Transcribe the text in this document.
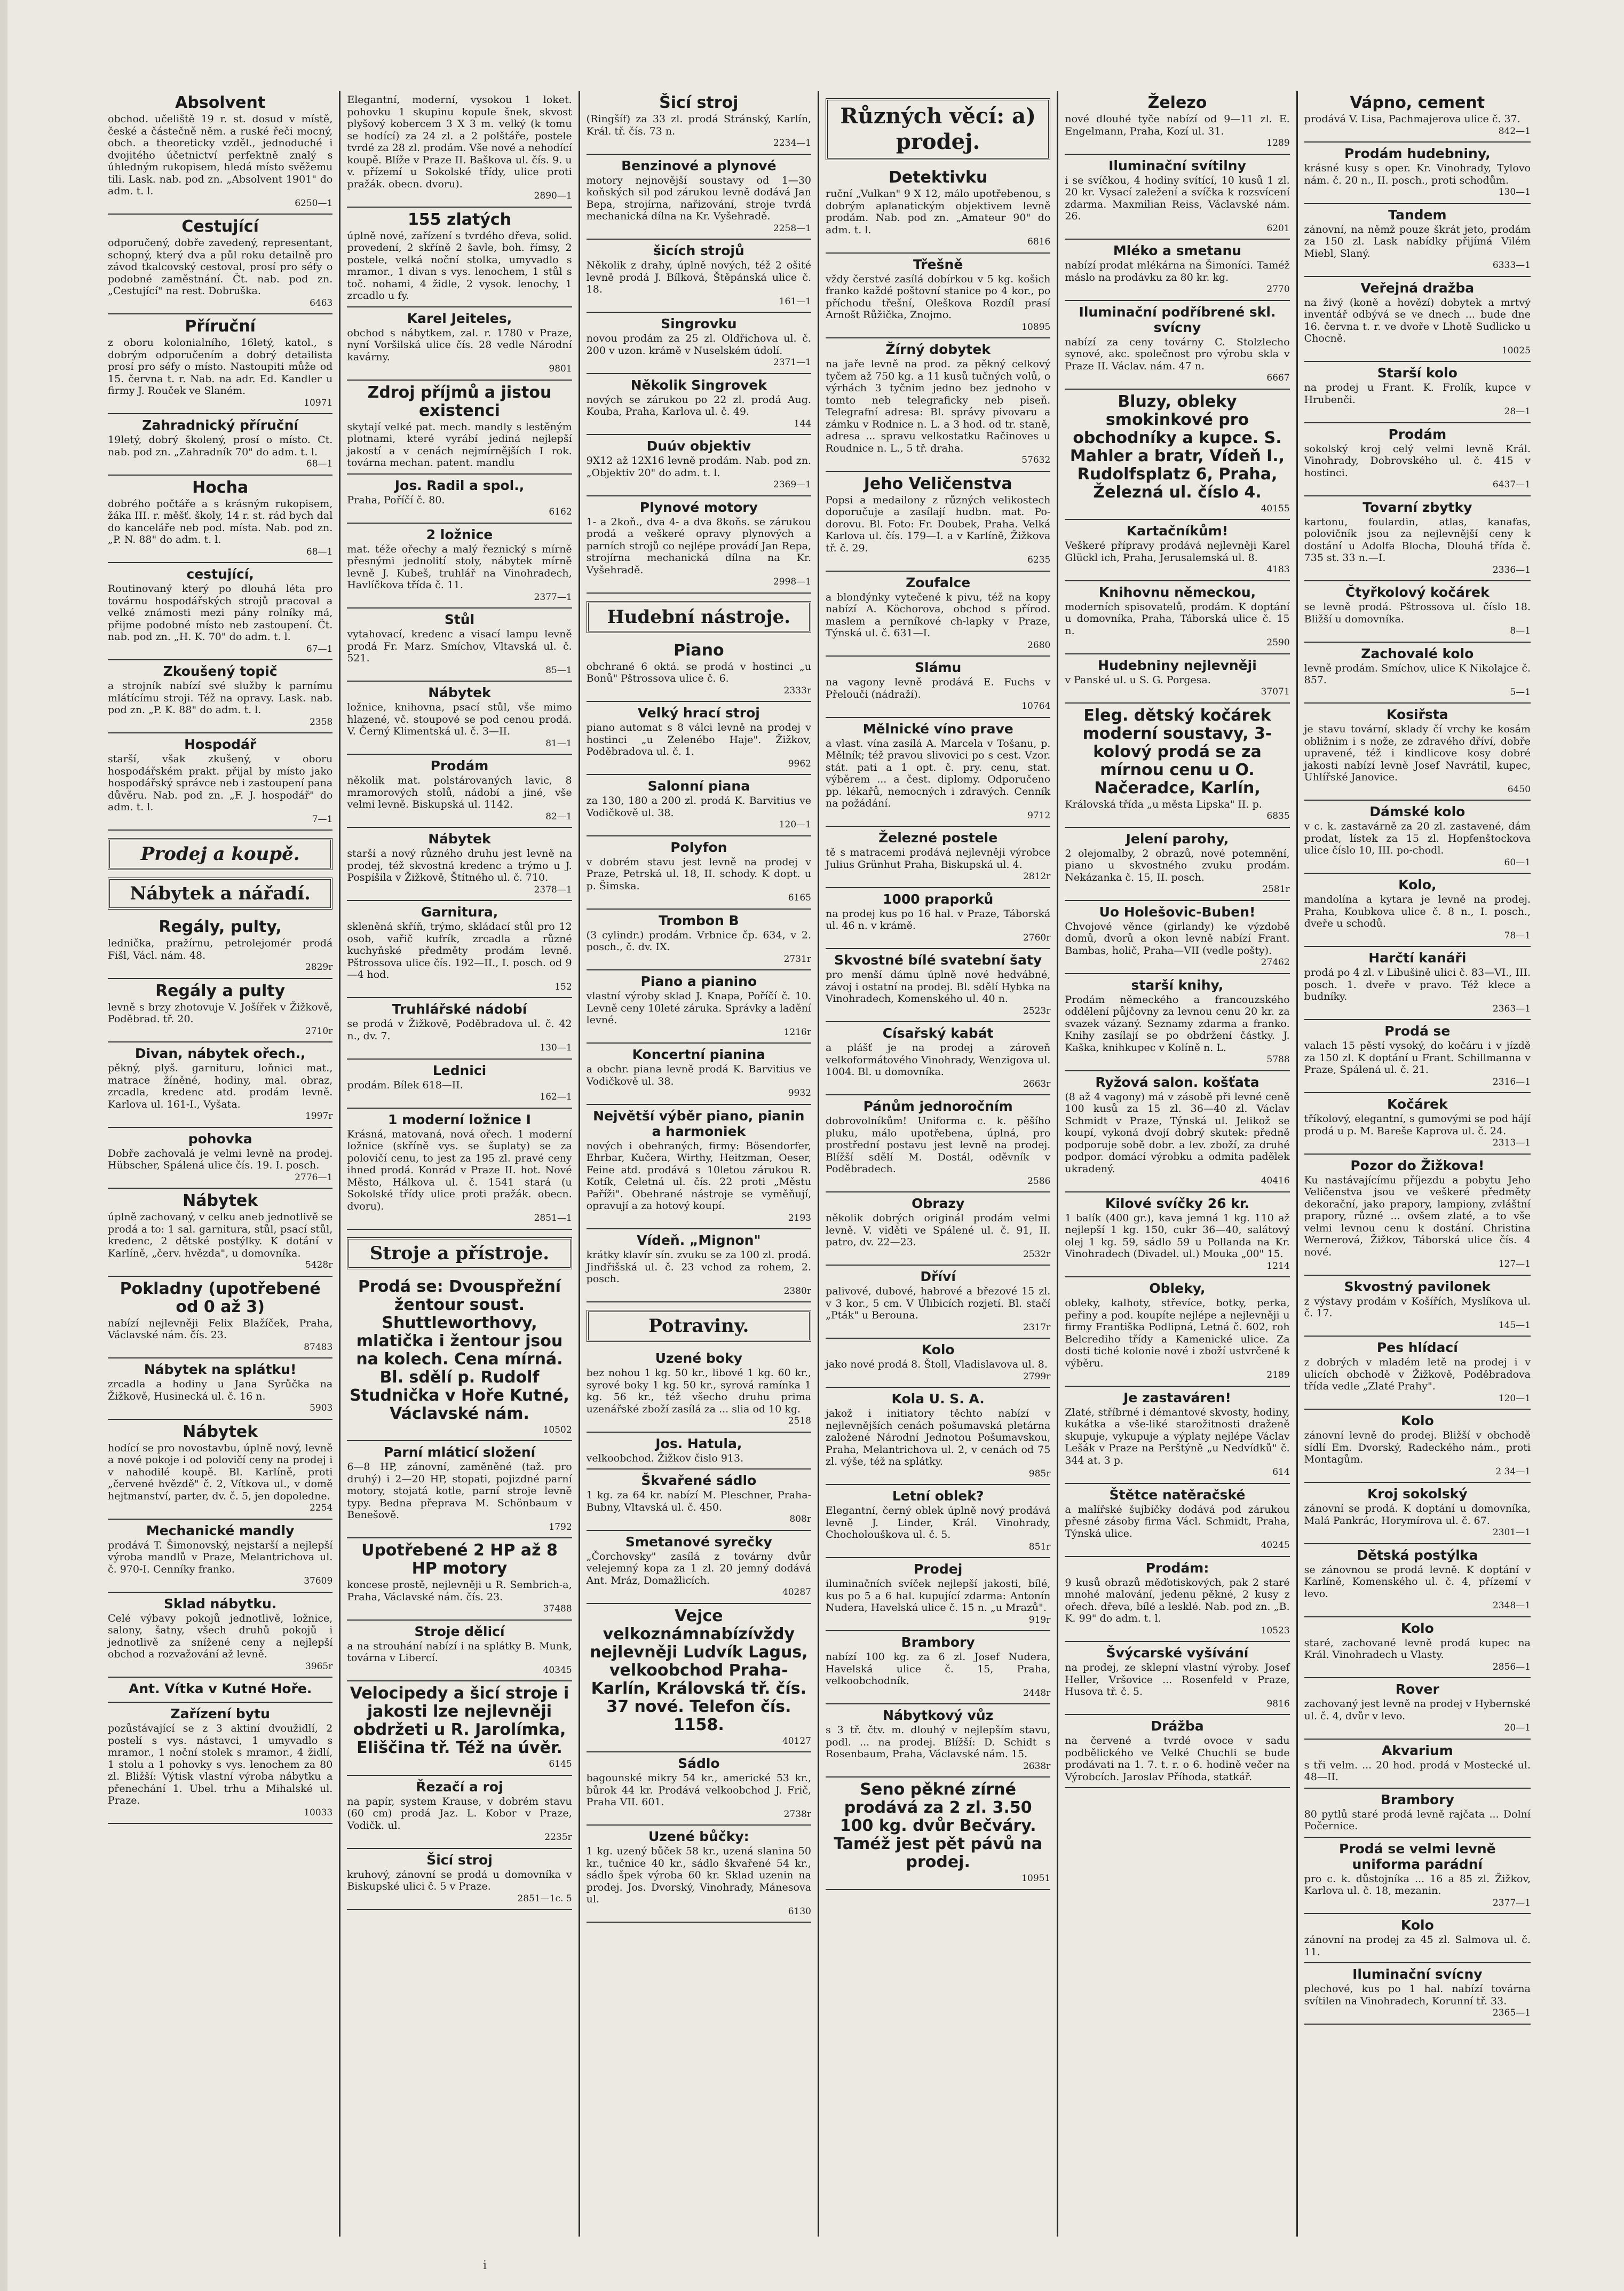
Absolvent
obchod. učeliště 19 r. st. dosud v místě, české a částečně něm. a ruské řeči mocný, obch. a theoreticky vzděl., jednoduché i dvojitého účetnictví perfektně znalý s úhledným rukopisem, hledá místo svěžemu tili. Lask. nab. pod zn. „Absolvent 1901" do adm. t. l.
6250—1
Cestující
odporučený, dobře zavedený, representant, schopný, který dva a půl roku detailně pro závod tkalcovský cestoval, prosí pro séfy o podobné zaměstnání. Čt. nab. pod zn. „Cestující" na rest. Dobruška.
6463
Příruční
z oboru kolonialního, 16letý, katol., s dobrým odporučením a dobrý detailista prosí pro séfy o místo. Nastoupiti může od 15. června t. r. Nab. na adr. Ed. Kandler u firmy J. Rouček ve Slaném.
10971
Zahradnický příruční
19letý, dobrý školený, prosí o místo. Ct. nab. pod zn. „Zahradník 70" do adm. t. l.
68—1
Hocha
dobrého počtáře a s krásným rukopisem, žáka III. r. měšť. školy, 14 r. st. rád bych dal do kanceláře neb pod. místa. Nab. pod zn. „P. N. 88" do adm. t. l.
68—1
cestující,
Routinovaný který po dlouhá léta pro továrnu hospodářských strojů pracoval a velké známosti mezi pány rolníky má, přijme podobné místo neb zastoupení. Čt. nab. pod zn. „H. K. 70" do adm. t. l.
67—1
Zkoušený topič
a strojník nabízí své služby k parnímu mlátícímu stroji. Též na opravy. Lask. nab. pod zn. „P. K. 88" do adm. t. l.
2358
Hospodář
starší, však zkušený, v oboru hospodářském prakt. přijal by místo jako hospodářský správce neb i zastoupení pana důvěru. Nab. pod zn. „F. J. hospodář" do adm. t. l.
7—1
Prodej a koupě.
Nábytek a nářadí.
Regály, pulty,
lednička, pražírnu, petrolejomér prodá Fišl, Václ. nám. 48.
2829r
Regály a pulty
levně s brzy zhotovuje V. Jošířek v Žižkově, Poděbrad. tř. 20.
2710r
Divan, nábytek ořech.,
pěkný, plyš. garnituru, loňnici mat., matrace žíněné, hodiny, mal. obraz, zrcadla, kredenc atd. prodám levně. Karlova ul. 161-I., Vyšata.
1997r
pohovka
Dobře zachovalá je velmi levně na prodej. Hübscher, Spálená ulice čís. 19. I. posch.
2776—1
Nábytek
úplně zachovaný, v celku aneb jednotlivě se prodá a to: 1 sal. garnitura, stůl, psací stůl, kredenc, 2 dětské postýlky. K dotání v Karlíně, „červ. hvězda", u domovníka.
5428r
Pokladny (upotřebené od 0 až 3)
nabízí nejlevněji Felix Blažíček, Praha, Václavské nám. čís. 23.
87483
Nábytek na splátku!
zrcadla a hodiny u Jana Syrůčka na Žižkově, Husinecká ul. č. 16 n.
5903
Nábytek
hodící se pro novostavbu, úplně nový, levně a nové pokoje i od polovičí ceny na prodej i v nahodilé koupě. Bl. Karlíně, proti „červené hvězdě" č. 2, Vítkova ul., v domě hejtmanství, parter, dv. č. 5, jen dopoledne.
2254
Mechanické mandly
prodává T. Šimonovský, nejstarší a nejlepší výroba mandlů v Praze, Melantrichova ul. č. 970-I. Cenníky franko.
37609
Sklad nábytku.
Celé výbavy pokojů jednotlivě, ložnice, salony, šatny, všech druhů pokojů i jednotlivě za snížené ceny a nejlepší obchod a rozvažování až levně.
3965r
Ant. Vítka v Kutné Hoře.
Zařízení bytu
pozůstávající se z 3 aktiní dvoužidlí, 2 postelí s vys. nástavci, 1 umyvadlo s mramor., 1 noční stolek s mramor., 4 židlí, 1 stolu a 1 pohovky s vys. lenochem za 80 zl. Bližší: Výtisk vlastní výroba nábytku a přenechání 1. Ubel. trhu a Mihalské ul. Praze.
10033
Elegantní, moderní, vysokou 1 loket. pohovku 1 skupinu kopule šnek, skvost plyšový kobercem 3 X 3 m. velký (k tomu se hodící) za 24 zl. a 2 polštáře, postele tvrdé za 28 zl. prodám. Vše nové a nehodící koupě. Blíže v Praze II. Baškova ul. čís. 9. u v. přízemí u Sokolské třídy, ulice proti pražák. obecn. dvoru).
2890—1
155 zlatých
úplně nové, zařízení s tvrdého dřeva, solid. provedení, 2 skříně 2 šavle, boh. římsy, 2 postele, velká noční stolka, umyvadlo s mramor., 1 divan s vys. lenochem, 1 stůl s toč. nohami, 4 židle, 2 vysok. lenochy, 1 zrcadlo u fy.
Karel Jeiteles,
obchod s nábytkem, zal. r. 1780 v Praze, nyní Voršilská ulice čís. 28 vedle Národní kavárny.
9801
Zdroj příjmů a jistou existenci
skytají velké pat. mech. mandly s lestěným plotnami, které vyrábí jediná nejlepší jakostí a v cenách nejmírnějších I rok. továrna mechan. patent. mandlu
Jos. Radil a spol.,
Praha, Poříčí č. 80.
6162
2 ložnice
mat. téže ořechy a malý řeznický s mírně přesnými jednolití stoly, nábytek mírně levně J. Kubeš, truhlář na Vinohradech, Havlíčkova třída č. 11.
2377—1
Stůl
vytahovací, kredenc a visací lampu levně prodá Fr. Marz. Smíchov, Vltavská ul. č. 521.
85—1
Nábytek
ložnice, knihovna, psací stůl, vše mimo hlazené, vč. stoupové se pod cenou prodá. V. Černý Klimentská ul. č. 3—II.
81—1
Prodám
několik mat. polstárovaných lavic, 8 mramorových stolů, nádobí a jiné, vše velmi levně. Biskupská ul. 1142.
82—1
Nábytek
starší a nový různého druhu jest levně na prodej, též skvostná kredenc a trýmo u J. Pospíšila v Žižkově, Štítného ul. č. 710.
2378—1
Garnitura,
skleněná skříň, trýmo, skládací stůl pro 12 osob, vařič kufrík, zrcadla a různé kuchyňské předměty prodám levně. Pštrossova ulice čís. 192—II., I. posch. od 9—4 hod.
152
Truhlářské nádobí
se prodá v Žižkově, Poděbradova ul. č. 42 n., dv. 7.
130—1
Lednici
prodám. Bílek 618—II.
162—1
1 moderní ložnice I
Krásná, matovaná, nová ořech. 1 moderní ložnice (skříně vys. se šuplaty) se za polovičí cenu, to jest za 195 zl. pravé ceny ihned prodá. Konrád v Praze II. hot. Nové Město, Hálkova ul. č. 1541 stará (u Sokolské třídy ulice proti pražák. obecn. dvoru).
2851—1
Stroje a přístroje.
Prodá se: Dvouspřežní žentour soust. Shuttleworthovy, mlatička i žentour jsou na kolech. Cena mírná. Bl. sdělí p. Rudolf Studnička v Hoře Kutné, Václavské nám.
10502
Parní mláticí složení
6—8 HP, zánovní, zaměněné (taž. pro druhý) i 2—20 HP, stopati, pojizdné parní motory, stojatá kotle, parní stroje levně typy. Bedna přeprava M. Schönbaum v Benešově.
1792
Upotřebené 2 HP až 8 HP motory
koncese prostě, nejlevněji u R. Sembrich-a, Praha, Václavské nám. čís. 23.
37488
Stroje dělicí
a na strouhání nabízí i na splátky B. Munk, továrna v Libercí.
40345
Velocipedy a šicí stroje i jakosti lze nejlevněji obdržeti u R. Jarolímka, Eliščina tř. Též na úvěr.
6145
Řezačí a roj
na papír, system Krause, v dobrém stavu (60 cm) prodá Jaz. L. Kobor v Praze, Vodičk. ul.
2235r
Šicí stroj
kruhový, zánovní se prodá u domovníka v Biskupské ulici č. 5 v Praze.
2851—1c. 5
Šicí stroj
(Ringšíf) za 33 zl. prodá Stránský, Karlín, Král. tř. čís. 73 n.
2234—1
Benzinové a plynové
motory nejnovější soustavy od 1—30 koňských sil pod zárukou levně dodává Jan Bepa, strojírna, nařizování, stroje tvrdá mechanická dílna na Kr. Vyšehradě.
2258—1
šicích strojů
Několik z drahy, úplně nových, též 2 ošité levně prodá J. Bílková, Štěpánská ulice č. 18.
161—1
Singrovku
novou prodám za 25 zl. Oldřichova ul. č. 200 v uzon. krámě v Nuselském údolí.
2371—1
Několik Singrovek
nových se zárukou po 22 zl. prodá Aug. Kouba, Praha, Karlova ul. č. 49.
144
Duúv objektiv
9X12 až 12X16 levně prodám. Nab. pod zn. „Objektiv 20" do adm. t. l.
2369—1
Plynové motory
1- a 2koň., dva 4- a dva 8koňs. se zárukou prodá a veškeré opravy plynových a parních strojů co nejlépe provádí Jan Repa, strojírna mechanická dílna na Kr. Vyšehradě.
2998—1
Hudební nástroje.
Piano
obchrané 6 oktá. se prodá v hostinci „u Bonů" Pštrossova ulice č. 6.
2333r
Velký hrací stroj
piano automat s 8 válci levně na prodej v hostinci „u Zelenébo Haje". Žižkov, Poděbradova ul. č. 1.
9962
Salonní piana
za 130, 180 a 200 zl. prodá K. Barvitius ve Vodičkově ul. 38.
120—1
Polyfon
v dobrém stavu jest levně na prodej v Praze, Petrská ul. 18, II. schody. K dopt. u p. Šimska.
6165
Trombon B
(3 cylindr.) prodám. Vrbnice čp. 634, v 2. posch., č. dv. IX.
2731r
Piano a pianino
vlastní výroby sklad J. Knapa, Poříčí č. 10. Levně ceny 10leté záruka. Správky a ladění levné.
1216r
Koncertní pianina
a obchr. piana levně prodá K. Barvitius ve Vodičkově ul. 38.
9932
Největší výběr piano, pianin a harmoniek
nových i obehraných, firmy: Bösendorfer, Ehrbar, Kučera, Wirthy, Heitzman, Oeser, Feine atd. prodává s 10letou zárukou R. Kotík, Celetná ul. čís. 22 proti „Městu Paříži". Obehrané nástroje se vyměňují, opravují a za hotový koupí.
2193
Vídeň. „Mignon"
krátky klavír sín. zvuku se za 100 zl. prodá. Jindřišská ul. č. 23 vchod za rohem, 2. posch.
2380r
Potraviny.
Uzené boky
bez nohou 1 kg. 50 kr., libové 1 kg. 60 kr., syrové boky 1 kg. 50 kr., syrová ramínka 1 kg. 56 kr., též všecho druhu prima uzenářské zboží zasílá za ... slia od 10 kg.
2518
Jos. Hatula,
velkoobchod. Žižkov čislo 913.
Škvařené sádlo
1 kg. za 64 kr. nabízí M. Pleschner, Praha-Bubny, Vltavská ul. č. 450.
808r
Smetanové syrečky
„Čorchovsky" zasílá z továrny dvůr velejemný kopa za 1 zl. 20 jemný dodává Ant. Mráz, Domažlicích.
40287
Vejce velkoznámnabízívždy nejlevněji Ludvík Lagus, velkoobchod Praha-Karlín, Královská tř. čís. 37 nové. Telefon čís. 1158.
40127
Sádlo
bagounské mikry 54 kr., americké 53 kr., bůrok 44 kr. Prodává velkoobchod J. Frič, Praha VII. 601.
2738r
Uzené bůčky:
1 kg. uzený bůček 58 kr., uzená slanina 50 kr., tučnice 40 kr., sádlo škvařené 54 kr., sádlo špek výroba 60 kr. Sklad uzenin na prodej. Jos. Dvorský, Vinohrady, Mánesova ul.
6130
Různých věcí: a) prodej.
Detektivku
ruční „Vulkan" 9 X 12, málo upotřebenou, s dobrým aplanatickým objektivem levně prodám. Nab. pod zn. „Amateur 90" do adm. t. l.
6816
Třešně
vždy čerstvé zasílá dobírkou v 5 kg. košich franko každé poštovní stanice po 4 kor., po příchodu třešní, Oleškova Rozdíl prasí Arnošt Růžička, Znojmo.
10895
Žírný dobytek
na jaře levně na prod. za pěkný celkový tyčem až 750 kg. a 11 kusů tučných volů, o výrhách 3 tyčnim jedno bez jednoho v tomto neb telegraficky neb piseň. Telegrafní adresa: Bl. správy pivovaru a zámku v Rodnice n. L. a 3 hod. od tr. staně, adresa ... spravu velkostatku Račinoves u Roudnice n. L., 5 tř. draha.
57632
Jeho Veličenstva
Popsi a medailony z různých velikostech doporučuje a zasílají hudbn. mat. Po-dorovu. Bl. Foto: Fr. Doubek, Praha. Velká Karlova ul. čís. 179—I. a v Karlíně, Žižkova tř. č. 29.
6235
Zoufalce
a blondýnky vytečené k pivu, též na kopy nabízí A. Köchorova, obchod s přírod. maslem a perníkové ch-lapky v Praze, Týnská ul. č. 631—I.
2680
Slámu
na vagony levně prodává E. Fuchs v Přelouči (nádraží).
10764
Mělnické víno prave
a vlast. vína zasílá A. Marcela v Tošanu, p. Mělník; též pravou slivovici po s cest. Vzor. stát. pati a 1 opt. č. pry. cenu, stat. výběrem ... a čest. diplomy. Odporučeno pp. lékařů, nemocných i zdravých. Cenník na požádání.
9712
Železné postele
tě s matracemi prodává nejlevněji výrobce Julius Grünhut Praha, Biskupská ul. 4.
2812r
1000 praporků
na prodej kus po 16 hal. v Praze, Táborská ul. 46 n. v krámě.
2760r
Skvostné bílé svatební šaty
pro menší dámu úplně nové hedvábné, závoj i ostatní na prodej. Bl. sdělí Hybka na Vinohradech, Komenského ul. 40 n.
2523r
Císařský kabát
a plášť je na prodej a zároveň velkoformátového Vinohrady, Wenzigova ul. 1004. Bl. u domovníka.
2663r
Pánům jednoročním
dobrovolníkům! Uniforma c. k. pěšího pluku, málo upotřebena, úplná, pro prostřední postavu jest levně na prodej. Blížší sdělí M. Dostál, oděvník v Poděbradech.
2586
Obrazy
několik dobrých originál prodám velmi levně. V. viděti ve Spálené ul. č. 91, II. patro, dv. 22—23.
2532r
Dříví
palivové, dubové, habrové a březové 15 zl. v 3 kor., 5 cm. V Úlibicích rozjetí. Bl. stačí „Pták" u Berouna.
2317r
Kolo
jako nové prodá 8. Štoll, Vladislavova ul. 8.
2799r
Kola U. S. A.
jakož i initiatory těchto nabízí v nejlevnějších cenách pošumavská pletárna založené Národní Jednotou Pošumavskou, Praha, Melantrichova ul. 2, v cenách od 75 zl. výše, též na splátky.
985r
Letní oblek?
Elegantní, černý oblek úplně nový prodává levně J. Linder, Král. Vinohrady, Chocholouškova ul. č. 5.
851r
Prodej
iluminačních svíček nejlepší jakosti, bílé, kus po 5 a 6 hal. kupující zdarma: Antonín Nudera, Havelská ulice č. 15 n. „u Mrazů".
919r
Brambory
nabízí 100 kg. za 6 zl. Josef Nudera, Havelská ulice č. 15, Praha, velkoobchodník.
2448r
Nábytkový vůz
s 3 tř. čtv. m. dlouhý v nejlepším stavu, podl. ... na prodej. Blížší: D. Schidt s Rosenbaum, Praha, Václavské nám. 15.
2638r
Seno pěkné zírné prodává za 2 zl. 3.50 100 kg. dvůr Bečváry. Taméž jest pět pávů na prodej.
10951
Železo
nové dlouhé tyče nabízí od 9—11 zl. E. Engelmann, Praha, Kozí ul. 31.
1289
Iluminační svítilny
i se svíčkou, 4 hodiny svítící, 10 kusů 1 zl. 20 kr. Vysací zaležení a svíčka k rozsvícení zdarma. Maxmilian Reiss, Václavské nám. 26.
6201
Mléko a smetanu
nabízí prodat mlékárna na Šimoníci. Taméž máslo na prodávku za 80 kr. kg.
2770
Iluminační podříbrené skl. svícny
nabízí za ceny továrny C. Stolzlecho synové, akc. společnost pro výrobu skla v Praze II. Václav. nám. 47 n.
6667
Bluzy, obleky smokinkové pro obchodníky a kupce. S. Mahler a bratr, Vídeň I., Rudolfsplatz 6, Praha, Železná ul. číslo 4.
40155
Kartačníkům!
Veškeré přípravy prodává nejlevněji Karel Glückl ich, Praha, Jerusalemská ul. 8.
4183
Knihovnu německou,
moderních spisovatelů, prodám. K doptání u domovníka, Praha, Táborská ulice č. 15 n.
2590
Hudebniny nejlevněji
v Panské ul. u S. G. Porgesa.
37071
Eleg. dětský kočárek moderní soustavy, 3-kolový prodá se za mírnou cenu u O. Načeradce, Karlín,
Královská třída „u města Lipska" II. p.
6835
Jelení parohy,
2 olejomalby, 2 obrazů, nové potemnění, piano u skvostného zvuku prodám. Nekázanka č. 15, II. posch.
2581r
Uo Holešovic-Buben!
Chvojové věnce (girlandy) ke výzdobě domů, dvorů a okon levně nabízí Frant. Bambas, holič, Praha—VII (vedle pošty).
27462
starší knihy,
Prodám německého a francouzského oddělení půjčovny za levnou cenu 20 kr. za svazek vázaný. Seznamy zdarma a franko. Knihy zasílají se po obdržení částky. J. Kaška, knihkupec v Kolíně n. L.
5788
Ryžová salon. košťata
(8 až 4 vagony) má v zásobě při levné ceně 100 kusů za 15 zl. 36—40 zl. Václav Schmidt v Praze, Týnská ul. Jelikož se koupí, vykoná dvojí dobrý skutek: předně podporuje sobě dobr. a lev. zboží, za druhé podpor. domácí výrobku a odmita padělek ukradený.
40416
Kilové svíčky 26 kr.
1 balík (400 gr.), kava jemná 1 kg. 110 až nejlepší 1 kg. 150, cukr 36—40, salátový olej 1 kg. 59, sádlo 59 u Pollanda na Kr. Vinohradech (Divadel. ul.) Mouka „00" 15.
1214
Obleky,
obleky, kalhoty, střevíce, botky, perka, peřiny a pod. koupíte nejlépe a nejlevněji u firmy Františka Podlipná, Letná č. 602, roh Belcrediho třídy a Kamenické ulice. Za dosti tiché kolonie nové i zboží ustvrčené k výběru.
2189
Je zastaváren!
Zlaté, stříbrné i démantové skvosty, hodiny, kukátka a vše-liké starožitnosti draženě skupuje, vykupuje a výplaty nejlépe Václav Lešák v Praze na Perštýně „u Nedvídků" č. 344 at. 3 p.
614
Štětce natěračské
a malířské šujbíčky dodává pod zárukou přesné zásoby firma Václ. Schmidt, Praha, Týnská ulice.
40245
Prodám:
9 kusů obrazů měďotiskových, pak 2 staré mnohé malování, jedenu pěkné, 2 kusy z ořech. dřeva, bílé a lesklé. Nab. pod zn. „B. K. 99" do adm. t. l.
10523
Švýcarské vyšívání
na prodej, ze sklepní vlastní výroby. Josef Heller, Vršovice ... Rosenfeld v Praze, Husova tř. č. 5.
9816
Drážba
na červené a tvrdé ovoce v sadu podbělického ve Velké Chuchli se bude prodávati na 1. 7. t. r. o 6. hodině večer na Výrobcích. Jaroslav Příhoda, statkář.
Vápno, cement
prodává V. Lisa, Pachmajerova ulice č. 37.
842—1
Prodám hudebniny,
krásné kusy s oper. Kr. Vinohrady, Tylovo nám. č. 20 n., II. posch., proti schodům.
130—1
Tandem
zánovní, na němž pouze škrát jeto, prodám za 150 zl. Lask nabídky přijímá Vilém Miebl, Slaný.
6333—1
Veřejná dražba
na živý (koně a hovězí) dobytek a mrtvý inventář odbývá se ve dnech ... bude dne 16. června t. r. ve dvoře v Lhotě Sudlicko u Chocně.
10025
Starší kolo
na prodej u Frant. K. Frolík, kupce v Hrubenči.
28—1
Prodám
sokolský kroj celý velmi levně Král. Vinohrady, Dobrovského ul. č. 415 v hostinci.
6437—1
Tovarní zbytky
kartonu, foulardin, atlas, kanafas, polovičník jsou za nejlevnější ceny k dostání u Adolfa Blocha, Dlouhá třída č. 735 st. 33 n.—I.
2336—1
Čtyřkolový kočárek
se levně prodá. Pštrossova ul. číslo 18. Bližší u domovníka.
8—1
Zachovalé kolo
levně prodám. Smíchov, ulice K Nikolajce č. 857.
5—1
Kosiřsta
je stavu tovární, sklady čí vrchy ke kosám obližnim i s nože, ze zdravého dříví, dobře upravené, též i kindlicove kosy dobré jakosti nabízí levně Josef Navrátil, kupec, Uhlířské Janovice.
6450
Dámské kolo
v c. k. zastavárně za 20 zl. zastavené, dám prodat, lístek za 15 zl. Hopfenštockova ulice číslo 10, III. po-chodl.
60—1
Kolo,
mandolína a kytara je levně na prodej. Praha, Koubkova ulice č. 8 n., I. posch., dveře u schodů.
78—1
Harčtí kanáři
prodá po 4 zl. v Libušině ulici č. 83—VI., III. posch. 1. dveře v pravo. Též klece a budníky.
2363—1
Prodá se
valach 15 pěstí vysoký, do kočáru i v jízdě za 150 zl. K doptání u Frant. Schillmanna v Praze, Spálená ul. č. 21.
2316—1
Kočárek
tříkolový, elegantní, s gumovými se pod hájí prodá u p. M. Bareše Kaprova ul. č. 24.
2313—1
Pozor do Žižkova!
Ku nastávajícímu příjezdu a pobytu Jeho Veličenstva jsou ve veškeré předměty dekorační, jako prapory, lampiony, zvláštní prapory, různé ... ovšem zlaté, a to vše velmi levnou cenu k dostání. Christina Wernerová, Žižkov, Táborská ulice čís. 4 nové.
127—1
Skvostný pavilonek
z výstavy prodám v Košířích, Myslíkova ul. č. 17.
145—1
Pes hlídací
z dobrých v mladém letě na prodej i v ulicích obchodě v Žižkově, Poděbradova třída vedle „Zlaté Prahy".
120—1
Kolo
zánovní levně do prodej. Bližší v obchodě sídlí Em. Dvorský, Radeckého nám., proti Montagům.
2 34—1
Kroj sokolský
zánovní se prodá. K doptání u domovníka, Malá Pankrác, Horymírova ul. č. 67.
2301—1
Dětská postýlka
se zánovnou se prodá levně. K doptání v Karlíně, Komenského ul. č. 4, přízemí v levo.
2348—1
Kolo
staré, zachované levně prodá kupec na Král. Vinohradech u Vlasty.
2856—1
Rover
zachovaný jest levně na prodej v Hybernské ul. č. 4, dvůr v levo.
20—1
Akvarium
s tři velm. ... 20 hod. prodá v Mostecké ul. 48—II.
Brambory
80 pytlů staré prodá levně rajčata ... Dolní Počernice.
Prodá se velmi levně uniforma parádní
pro c. k. důstojníka ... 16 a 85 zl. Žižkov, Karlova ul. č. 18, mezanin.
2377—1
Kolo
zánovní na prodej za 45 zl. Salmova ul. č. 11.
Iluminační svícny
plechové, kus po 1 hal. nabízí továrna svítilen na Vinohradech, Korunní tř. 33.
2365—1
i
